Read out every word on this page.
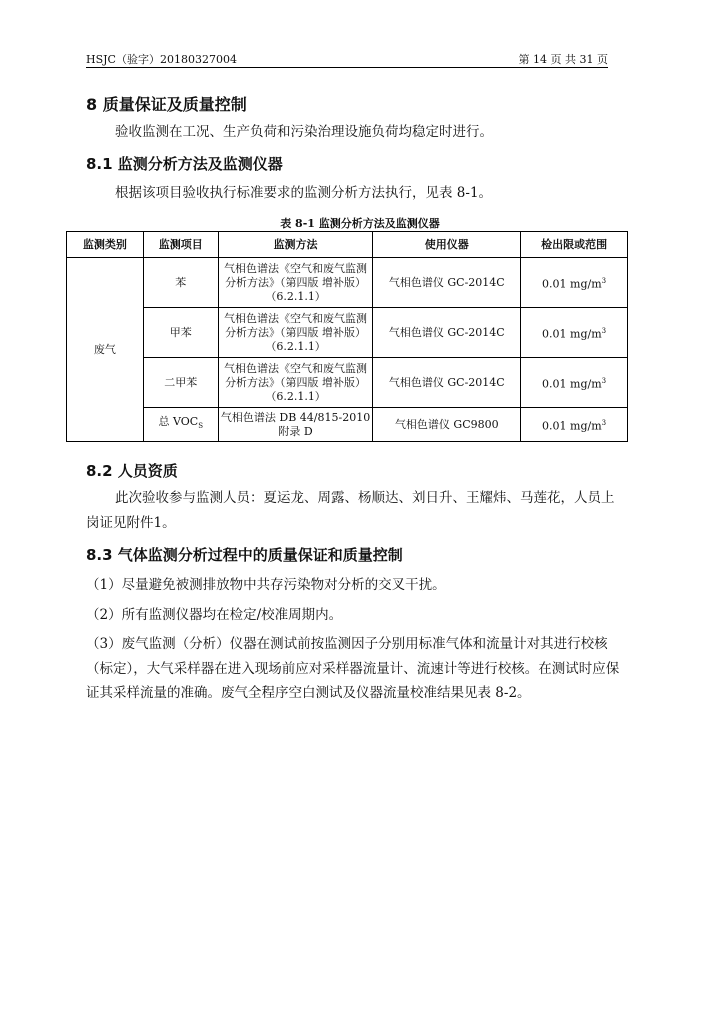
HSJC（验字）20180327004	第 14 页 共 31 页
8 质量保证及质量控制
验收监测在工况、生产负荷和污染治理设施负荷均稳定时进行。
8.1 监测分析方法及监测仪器
根据该项目验收执行标准要求的监测分析方法执行，见表 8-1。
表 8-1 监测分析方法及监测仪器
监测类别	监测项目	监测方法	使用仪器	检出限或范围
废气	苯	气相色谱法《空气和废气监测分析方法》（第四版 增补版）（6.2.1.1）	气相色谱仪 GC-2014C	0.01 $mg/m^3$
	甲苯	气相色谱法《空气和废气监测分析方法》（第四版 增补版）（6.2.1.1）	气相色谱仪 GC-2014C	0.01 $mg/m^3$
	二甲苯	气相色谱法《空气和废气监测分析方法》（第四版 增补版）（6.2.1.1）	气相色谱仪 GC-2014C	0.01 $mg/m^3$
	总 $VOC_S$	气相色谱法 DB 44/815-2010 附录 D	气相色谱仪 GC9800	0.01 $mg/m^3$
8.2 人员资质
此次验收参与监测人员：夏运龙、周露、杨顺达、刘日升、王耀炜、马莲花，人员上岗证见附件1。
8.3 气体监测分析过程中的质量保证和质量控制
（1）尽量避免被测排放物中共存污染物对分析的交叉干扰。
（2）所有监测仪器均在检定/校准周期内。
（3）废气监测（分析）仪器在测试前按监测因子分别用标准气体和流量计对其进行校核（标定），大气采样器在进入现场前应对采样器流量计、流速计等进行校核。在测试时应保证其采样流量的准确。废气全程序空白测试及仪器流量校准结果见表 8-2。
